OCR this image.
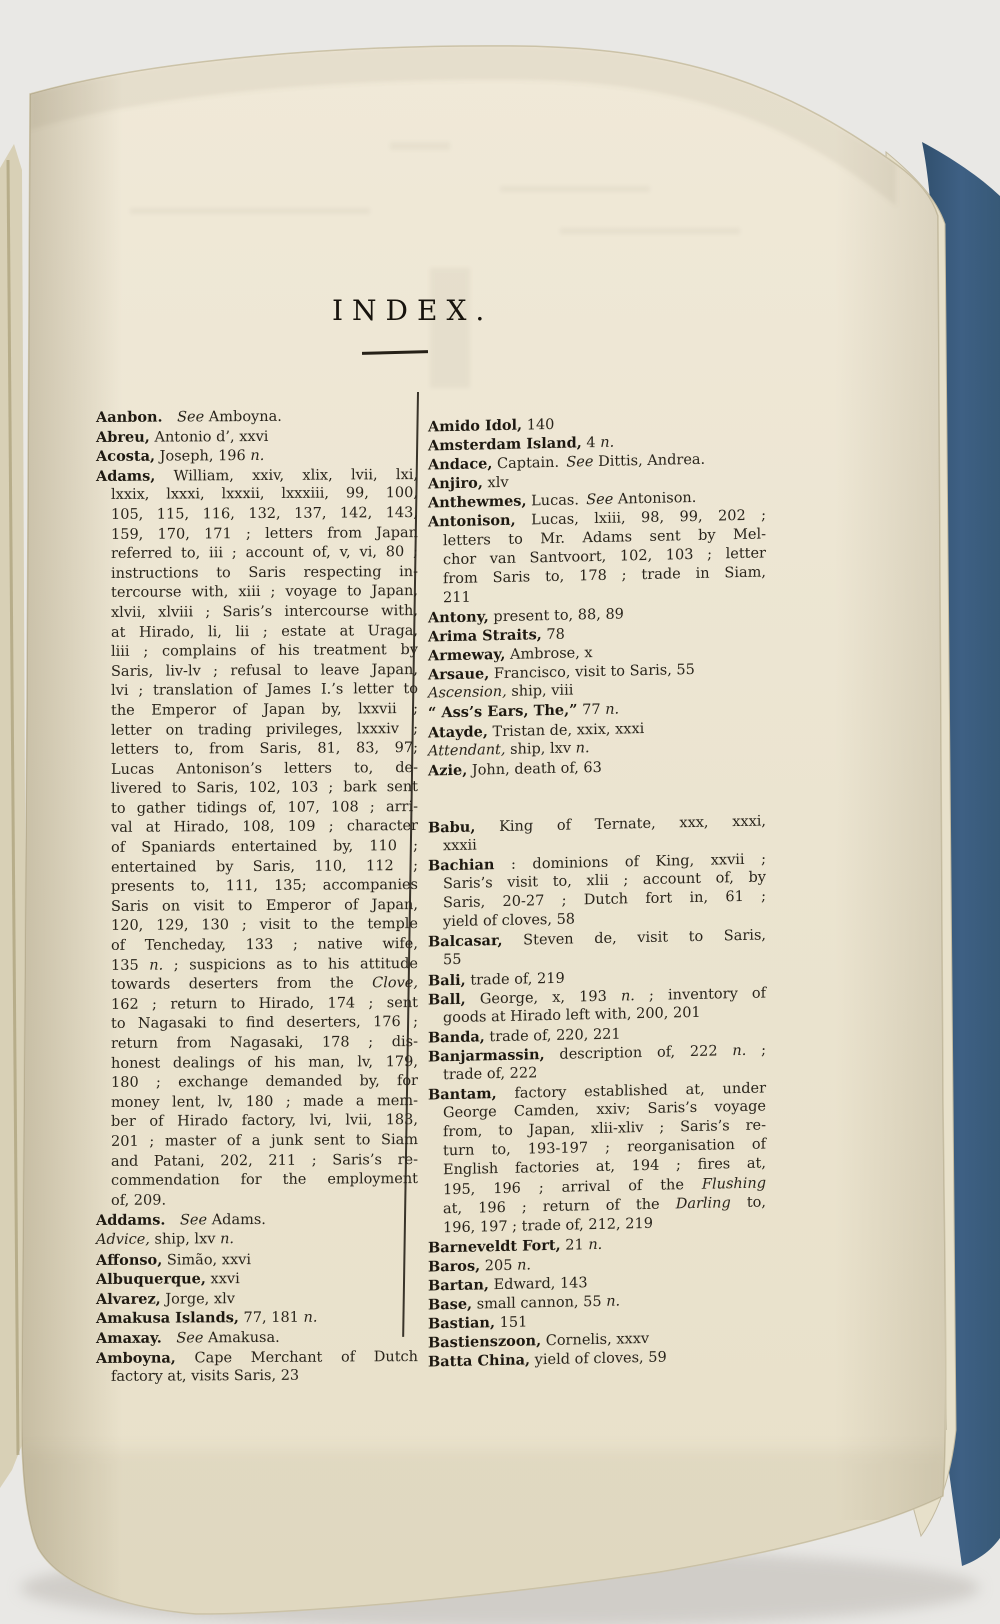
INDEX.
Aanbon.  See Amboyna.
Abreu, Antonio d’, xxvi
Acosta, Joseph, 196 n.
Adams, William, xxiv, xlix, lvii, lxi,
lxxix, lxxxi, lxxxii, lxxxiii, 99, 100,
105, 115, 116, 132, 137, 142, 143,
159, 170, 171 ; letters from Japan
referred to, iii ; account of, v, vi, 80 ;
instructions to Saris respecting in-
tercourse with, xiii ; voyage to Japan,
xlvii, xlviii ; Saris’s intercourse with,
at Hirado, li, lii ; estate at Uraga,
liii ; complains of his treatment by
Saris, liv-lv ; refusal to leave Japan,
lvi ; translation of James I.’s letter to
the Emperor of Japan by, lxxvii ;
letter on trading privileges, lxxxiv ;
letters to, from Saris, 81, 83, 97;
Lucas Antonison’s letters to, de-
livered to Saris, 102, 103 ; bark sent
to gather tidings of, 107, 108 ; arri-
val at Hirado, 108, 109 ; character
of Spaniards entertained by, 110 ;
entertained by Saris, 110, 112 ;
presents to, 111, 135; accompanies
Saris on visit to Emperor of Japan,
120, 129, 130 ; visit to the temple
of Tencheday, 133 ; native wife,
135 n. ; suspicions as to his attitude
towards deserters from the Clove,
162 ; return to Hirado, 174 ; sent
to Nagasaki to find deserters, 176 ;
return from Nagasaki, 178 ; dis-
honest dealings of his man, lv, 179,
180 ; exchange demanded by, for
money lent, lv, 180 ; made a mem-
ber of Hirado factory, lvi, lvii, 183,
201 ; master of a junk sent to Siam
and Patani, 202, 211 ; Saris’s re-
commendation for the employment
of, 209.
Addams.  See Adams.
Advice, ship, lxv n.
Affonso, Simão, xxvi
Albuquerque, xxvi
Alvarez, Jorge, xlv
Amakusa Islands, 77, 181 n.
Amaxay.  See Amakusa.
Amboyna, Cape Merchant of Dutch
factory at, visits Saris, 23
Amido Idol, 140
Amsterdam Island, 4 n.
Andace, Captain. See Dittis, Andrea.
Anjiro, xlv
Anthewmes, Lucas. See Antonison.
Antonison, Lucas, lxiii, 98, 99, 202 ;
letters to Mr. Adams sent by Mel-
chor van Santvoort, 102, 103 ; letter
from Saris to, 178 ; trade in Siam,
211
Antony, present to, 88, 89
Arima Straits, 78
Armeway, Ambrose, x
Arsaue, Francisco, visit to Saris, 55
Ascension, ship, viii
“ Ass’s Ears, The,” 77 n.
Atayde, Tristan de, xxix, xxxi
Attendant, ship, lxv n.
Azie, John, death of, 63
Babu, King of Ternate, xxx, xxxi,
xxxii
Bachian : dominions of King, xxvii ;
Saris’s visit to, xlii ; account of, by
Saris, 20-27 ; Dutch fort in, 61 ;
yield of cloves, 58
Balcasar, Steven de, visit to Saris,
55
Bali, trade of, 219
Ball, George, x, 193 n. ; inventory of
goods at Hirado left with, 200, 201
Banda, trade of, 220, 221
Banjarmassin, description of, 222 n. ;
trade of, 222
Bantam, factory established at, under
George Camden, xxiv; Saris’s voyage
from, to Japan, xlii-xliv ; Saris’s re-
turn to, 193-197 ; reorganisation of
English factories at, 194 ; fires at,
195, 196 ; arrival of the Flushing
at, 196 ; return of the Darling to,
196, 197 ; trade of, 212, 219
Barneveldt Fort, 21 n.
Baros, 205 n.
Bartan, Edward, 143
Base, small cannon, 55 n.
Bastian, 151
Bastienszoon, Cornelis, xxxv
Batta China, yield of cloves, 59
